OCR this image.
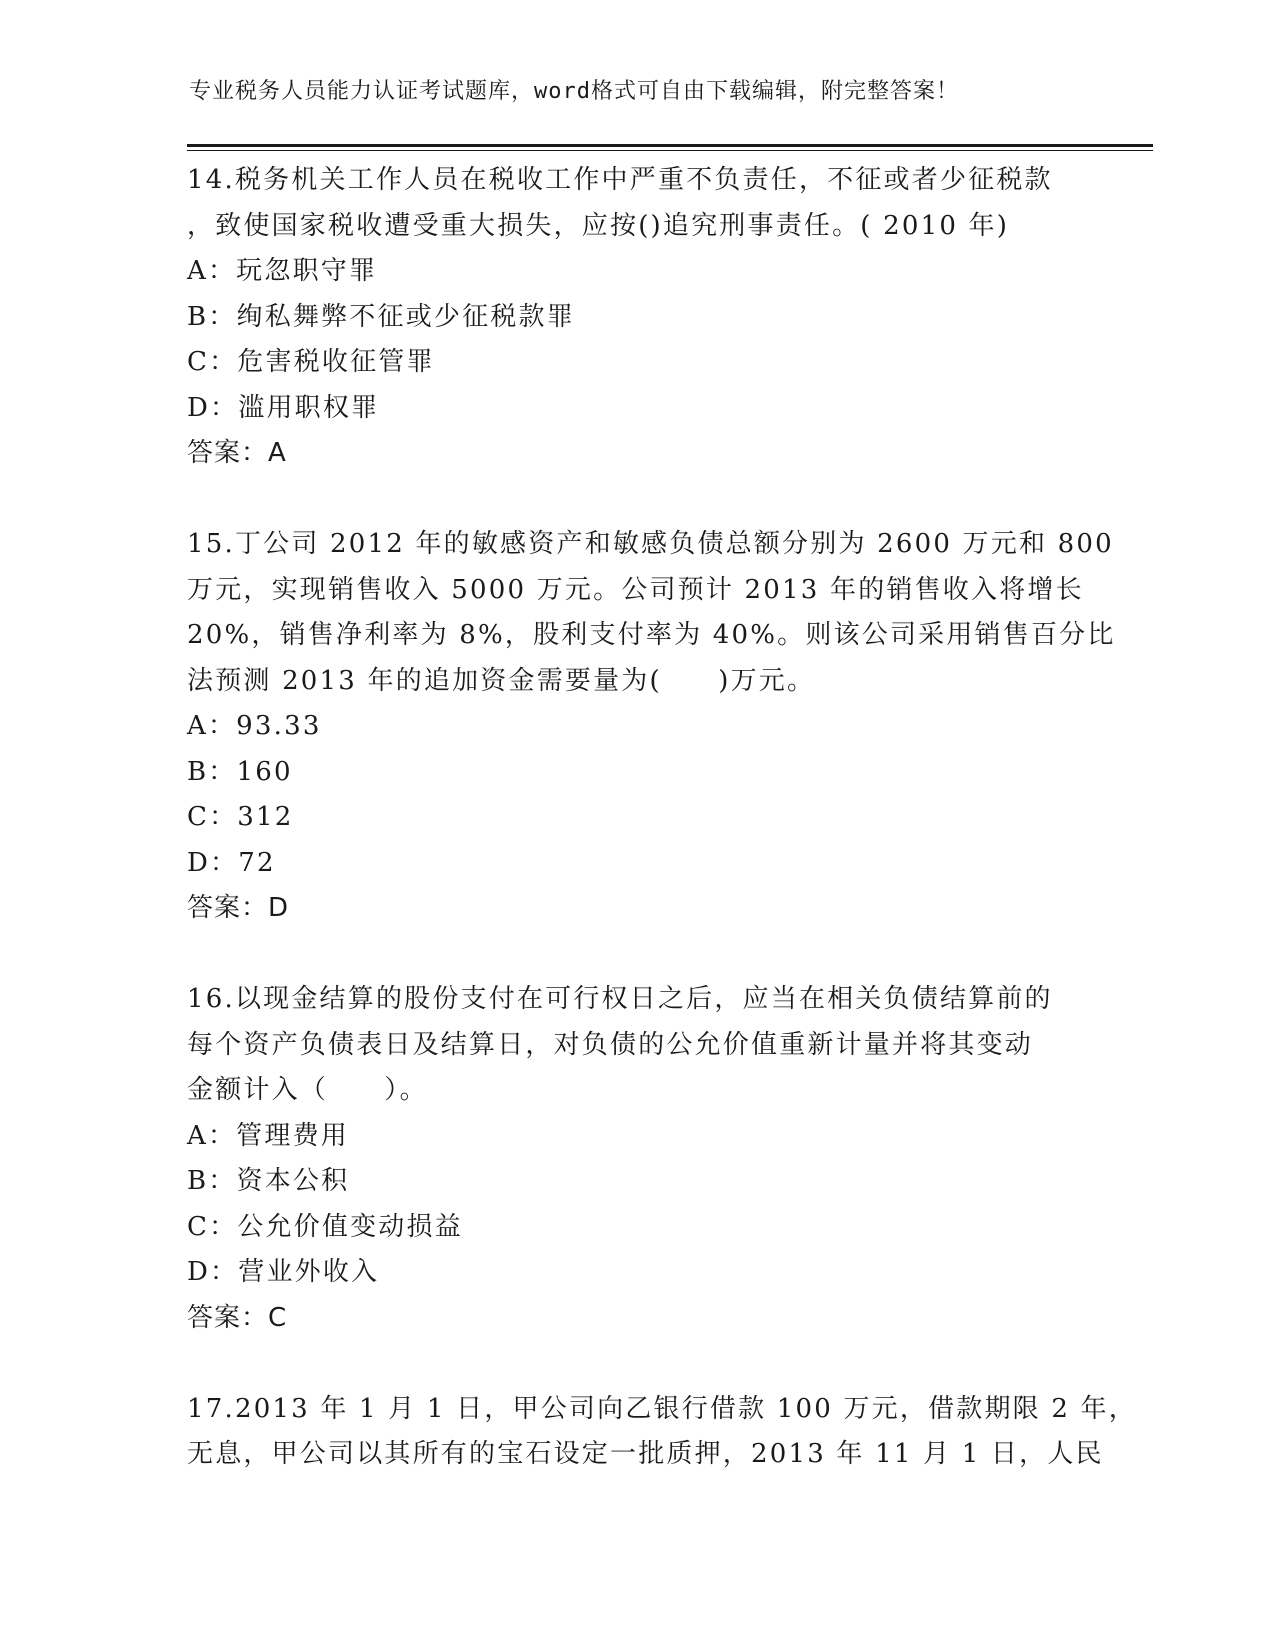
专业税务人员能力认证考试题库，word格式可自由下载编辑，附完整答案！
14.税务机关工作人员在税收工作中严重不负责任，不征或者少征税款
，致使国家税收遭受重大损失，应按()追究刑事责任。( 2010 年)
A：玩忽职守罪
B：绚私舞弊不征或少征税款罪
C：危害税收征管罪
D：滥用职权罪
答案：A
15.丁公司 2012 年的敏感资产和敏感负债总额分别为 2600 万元和 800
万元，实现销售收入 5000 万元。公司预计 2013 年的销售收入将增长
20%，销售净利率为 8%，股利支付率为 40%。则该公司采用销售百分比
法预测 2013 年的追加资金需要量为(　　)万元。
A：93.33
B：160
C：312
D：72
答案：D
16.以现金结算的股份支付在可行权日之后，应当在相关负债结算前的
每个资产负债表日及结算日，对负债的公允价值重新计量并将其变动
金额计入（　　）。
A：管理费用
B：资本公积
C：公允价值变动损益
D：营业外收入
答案：C
17.2013 年 1 月 1 日，甲公司向乙银行借款 100 万元，借款期限 2 年，
无息，甲公司以其所有的宝石设定一批质押，2013 年 11 月 1 日，人民
